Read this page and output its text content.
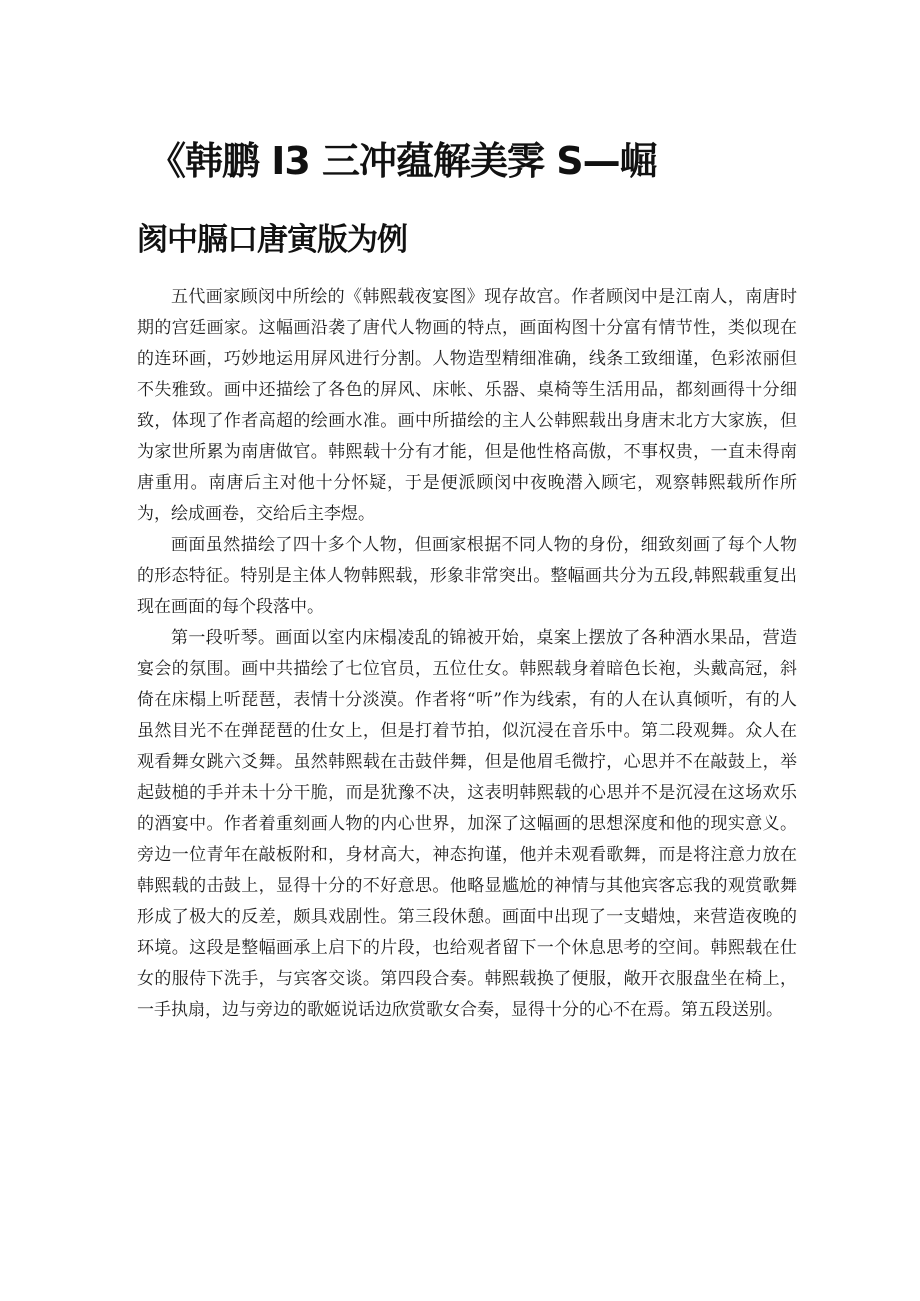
《韩鹏 I3 三冲蕴解美霁 S—崛
阂中膈口唐寅版为例

五代画家顾闵中所绘的《韩熙载夜宴图》现存故宫。作者顾闵中是江南人，南唐时期的宫廷画家。这幅画沿袭了唐代人物画的特点，画面构图十分富有情节性，类似现在的连环画，巧妙地运用屏风进行分割。人物造型精细准确，线条工致细谨，色彩浓丽但不失雅致。画中还描绘了各色的屏风、床帐、乐器、桌椅等生活用品，都刻画得十分细致，体现了作者高超的绘画水准。画中所描绘的主人公韩熙载出身唐末北方大家族，但为家世所累为南唐做官。韩熙载十分有才能，但是他性格高傲，不事权贵，一直未得南唐重用。南唐后主对他十分怀疑，于是便派顾闵中夜晚潜入顾宅，观察韩熙载所作所为，绘成画卷，交给后主李煜。

画面虽然描绘了四十多个人物，但画家根据不同人物的身份，细致刻画了每个人物的形态特征。特别是主体人物韩熙载，形象非常突出。整幅画共分为五段,韩熙载重复出现在画面的每个段落中。

第一段听琴。画面以室内床榻凌乱的锦被开始，桌案上摆放了各种酒水果品，营造宴会的氛围。画中共描绘了七位官员，五位仕女。韩熙载身着暗色长袍，头戴高冠，斜倚在床榻上听琵琶，表情十分淡漠。作者将“听”作为线索，有的人在认真倾听，有的人虽然目光不在弹琵琶的仕女上，但是打着节拍，似沉浸在音乐中。第二段观舞。众人在观看舞女跳六爻舞。虽然韩熙载在击鼓伴舞，但是他眉毛微拧，心思并不在敲鼓上，举起鼓槌的手并未十分干脆，而是犹豫不决，这表明韩熙载的心思并不是沉浸在这场欢乐的酒宴中。作者着重刻画人物的内心世界，加深了这幅画的思想深度和他的现实意义。旁边一位青年在敲板附和，身材高大，神态拘谨，他并未观看歌舞，而是将注意力放在韩熙载的击鼓上，显得十分的不好意思。他略显尴尬的神情与其他宾客忘我的观赏歌舞形成了极大的反差，颇具戏剧性。第三段休憩。画面中出现了一支蜡烛，来营造夜晚的环境。这段是整幅画承上启下的片段，也给观者留下一个休息思考的空间。韩熙载在仕女的服侍下洗手，与宾客交谈。第四段合奏。韩熙载换了便服，敞开衣服盘坐在椅上，一手执扇，边与旁边的歌姬说话边欣赏歌女合奏，显得十分的心不在焉。第五段送别。
